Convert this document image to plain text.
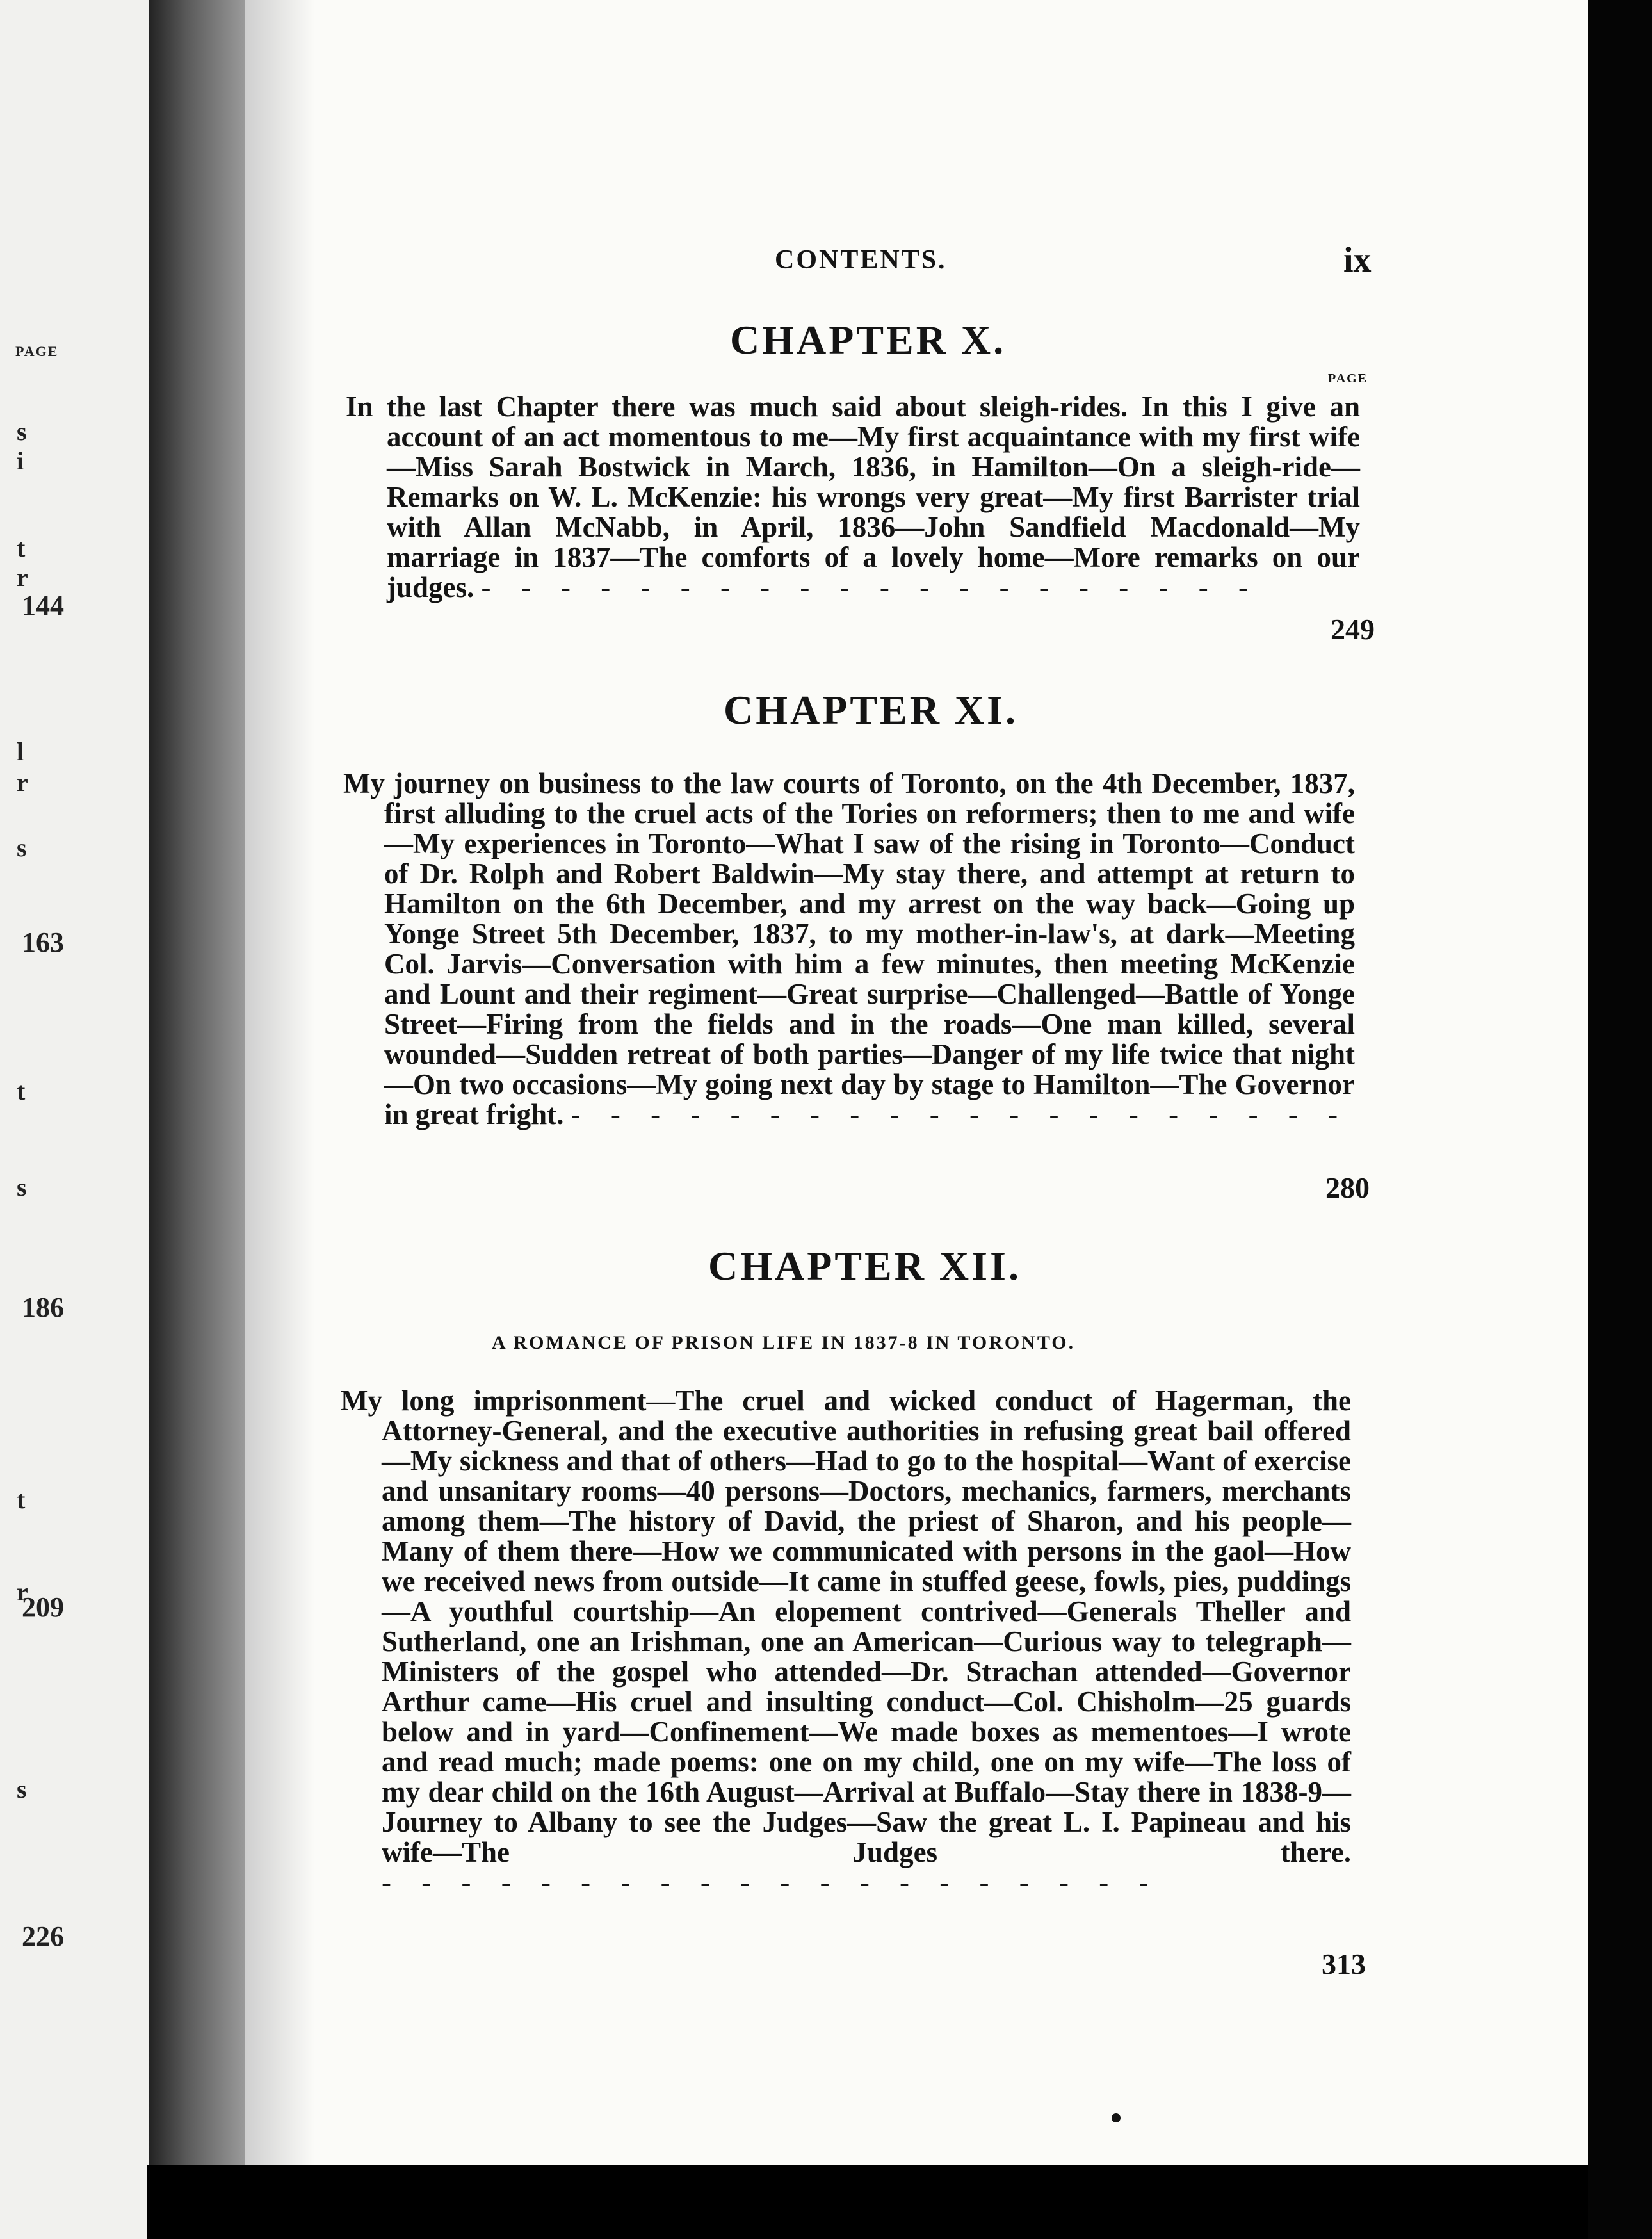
PAGE
s
i
t
r
144
l
r
s
163
t
s
186
t
r
209
s
226
CONTENTS.	ix
CHAPTER X.
PAGE
In the last Chapter there was much said about sleigh-rides. In this I give an account of an act momentous to me—My first acquaintance with my first wife—Miss Sarah Bostwick in March, 1836, in Hamilton—On a sleigh-ride—Remarks on W. L. McKenzie: his wrongs very great—My first Barrister trial with Allan McNabb, in April, 1836—John Sandfield Macdonald—My marriage in 1837—The comforts of a lovely home—More remarks on our judges. - - - - - - - - - - - - - - - - - - - -
249
CHAPTER XI.
My journey on business to the law courts of Toronto, on the 4th December, 1837, first alluding to the cruel acts of the Tories on reformers; then to me and wife—My experiences in Toronto—What I saw of the rising in Toronto—Conduct of Dr. Rolph and Robert Baldwin—My stay there, and attempt at return to Hamilton on the 6th December, and my arrest on the way back—Going up Yonge Street 5th December, 1837, to my mother-in-law's, at dark—Meeting Col. Jarvis—Conversation with him a few minutes, then meeting McKenzie and Lount and their regiment—Great surprise—Challenged—Battle of Yonge Street—Firing from the fields and in the roads—One man killed, several wounded—Sudden retreat of both parties—Danger of my life twice that night—On two occasions—My going next day by stage to Hamilton—The Governor in great fright. - - - - - - - - - - - - - - - - - - - -
280
CHAPTER XII.
A ROMANCE OF PRISON LIFE IN 1837-8 IN TORONTO.
My long imprisonment—The cruel and wicked conduct of Hagerman, the Attorney-General, and the executive authorities in refusing great bail offered—My sickness and that of others—Had to go to the hospital—Want of exercise and unsanitary rooms—40 persons—Doctors, mechanics, farmers, merchants among them—The history of David, the priest of Sharon, and his people—Many of them there—How we communicated with persons in the gaol—How we received news from outside—It came in stuffed geese, fowls, pies, puddings—A youthful courtship—An elopement contrived—Generals Theller and Sutherland, one an Irishman, one an American—Curious way to telegraph—Ministers of the gospel who attended—Dr. Strachan attended—Governor Arthur came—His cruel and insulting conduct—Col. Chisholm—25 guards below and in yard—Confinement—We made boxes as mementoes—I wrote and read much; made poems: one on my child, one on my wife—The loss of my dear child on the 16th August—Arrival at Buffalo—Stay there in 1838-9—Journey to Albany to see the Judges—Saw the great L. I. Papineau and his wife—The Judges there. - - - - - - - - - - - - - - - - - - - -
313
